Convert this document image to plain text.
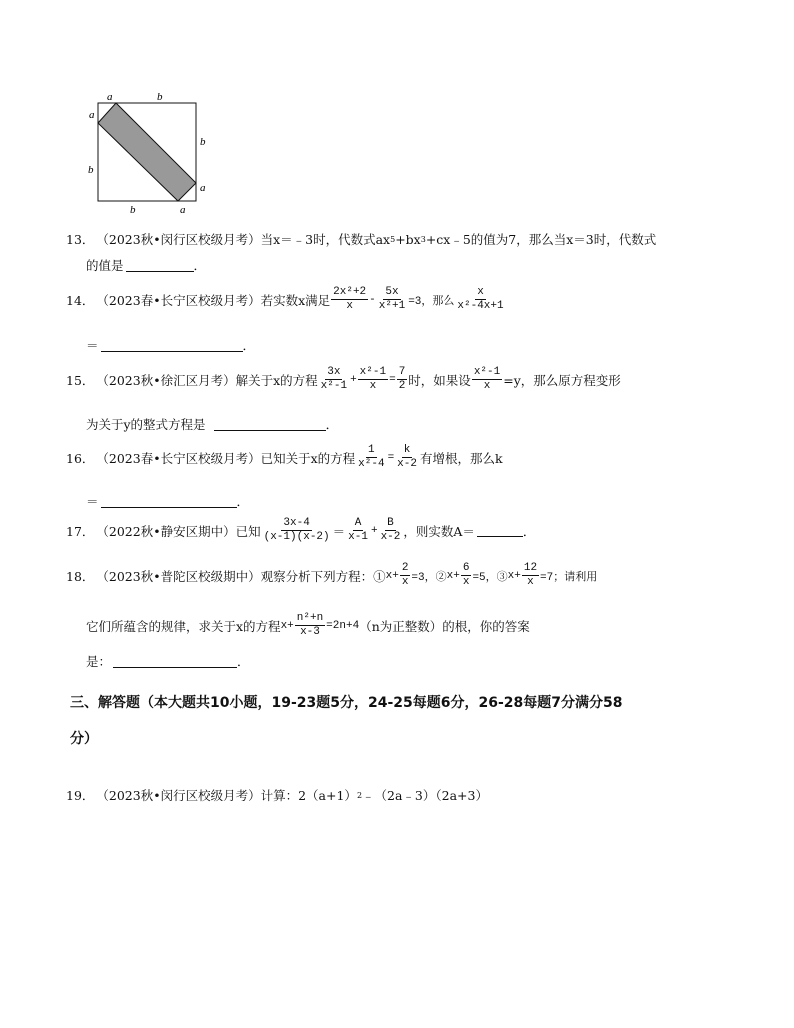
a	b
a
b
b
a
b	a
13． （2023秋•闵行区校级月考） 当x＝﹣3时，代数式ax 5 +bx 3 +cx﹣5的值为7，那么当x＝3时，代数式
的值是	．
14． （2023春•长宁区校级月考） 若实数x满足 $\frac{\text{2x²+2}}{x} - \frac{5x}{\text{x²+1}} =3$，那么 $\frac{x}{\text{x²-4x+1}}$
＝	．
15． （2023秋•徐汇区月考） 解关于x的方程 $\frac{3x}{\text{x²-1}} + \frac{\text{x²-1}}{x} = \frac{7}{2}$ 时，如果设 $\frac{\text{x²-1}}{x} =y$，那么原方程变形
为关于y的整式方程是	．
16． （2023春•长宁区校级月考） 已知关于x的方程 $\frac{1}{\text{x²-4}} = \frac{k}{x-2}$ 有增根，那么k
＝	．
17． （2022秋•静安区期中） 已知 $\frac{3x-4}{(x-1)(x-2)} = \frac{A}{x-1} + \frac{B}{x-2}$ ，则实数A＝	．
18． （2023秋•普陀区校级期中） 观察分析下列方程：① $x+ \frac{2}{x} =3$，② $x+ \frac{6}{x} =5$，③ $x+ \frac{12}{x} =7$；请利用
它们所蕴含的规律，求关于x的方程 $x+ \frac{\text{n²+n}}{x-3} =2n+4$ （n为正整数）的根，你的答案
是：	．
三、解答题（本大题共10小题，19-23题5分，24-25每题6分，26-28每题7分满分58
分）
19． （2023秋•闵行区校级月考） 计算：2（a+1） 2 ﹣（2a﹣3）（2a+3）
